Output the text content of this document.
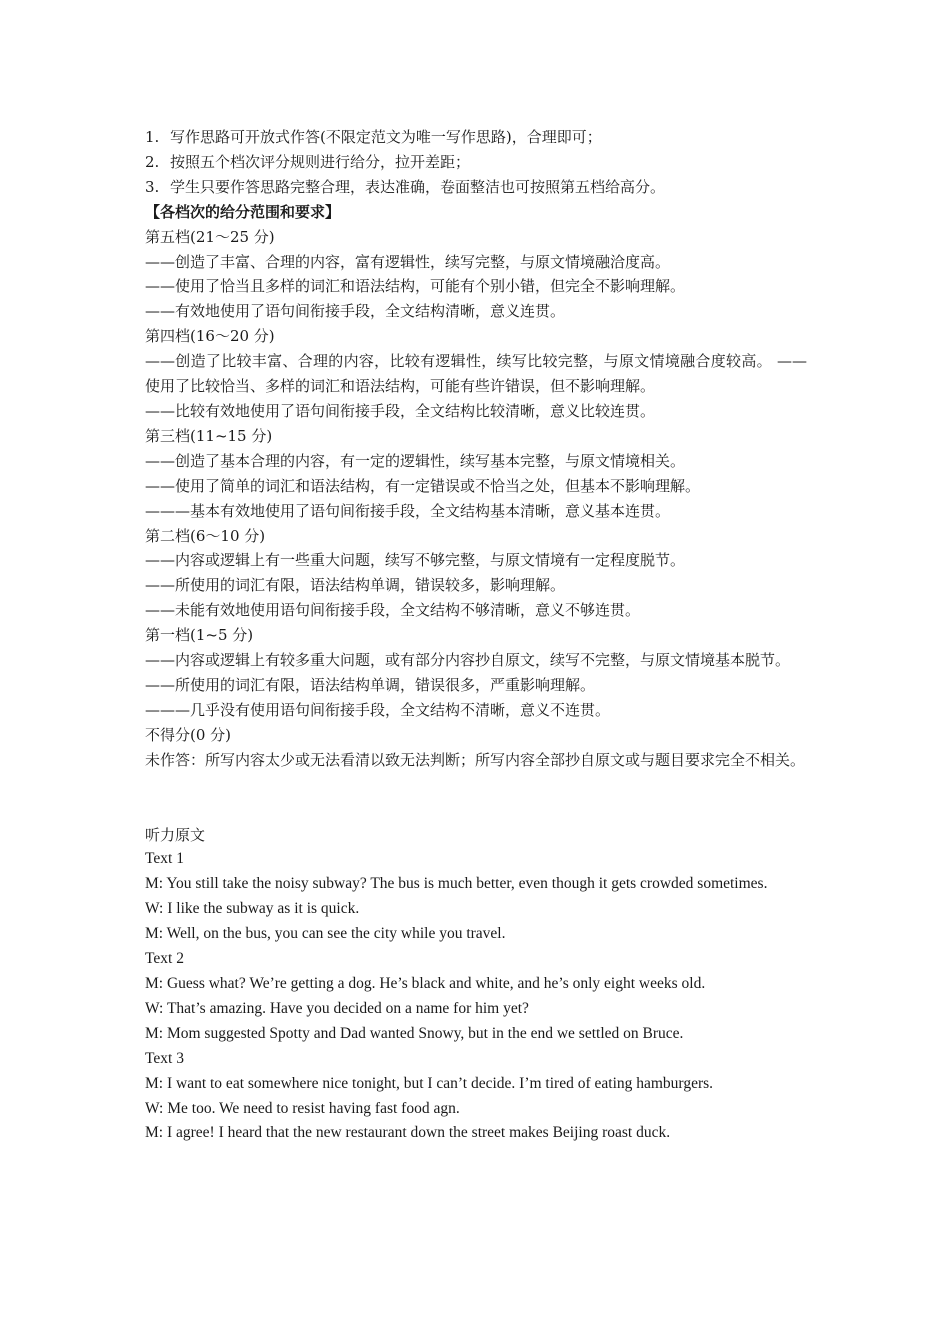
1. 写作思路可开放式作答(不限定范文为唯一写作思路)，合理即可；

2. 按照五个档次评分规则进行给分，拉开差距；

3. 学生只要作答思路完整合理，表达准确，卷面整洁也可按照第五档给高分。

【各档次的给分范围和要求】

第五档(21～25 分)

——创造了丰富、合理的内容，富有逻辑性，续写完整，与原文情境融洽度高。

——使用了恰当且多样的词汇和语法结构，可能有个别小错，但完全不影响理解。

——有效地使用了语句间衔接手段，全文结构清晰，意义连贯。

第四档(16～20 分)

——创造了比较丰富、合理的内容，比较有逻辑性，续写比较完整，与原文情境融合度较高。 ——使用了比较恰当、多样的词汇和语法结构，可能有些许错误，但不影响理解。

——比较有效地使用了语句间衔接手段，全文结构比较清晰，意义比较连贯。

第三档(11~15 分)

——创造了基本合理的内容，有一定的逻辑性，续写基本完整，与原文情境相关。

——使用了简单的词汇和语法结构，有一定错误或不恰当之处，但基本不影响理解。

———基本有效地使用了语句间衔接手段，全文结构基本清晰，意义基本连贯。

第二档(6～10 分)

——内容或逻辑上有一些重大问题，续写不够完整，与原文情境有一定程度脱节。

——所使用的词汇有限，语法结构单调，错误较多，影响理解。

——未能有效地使用语句间衔接手段，全文结构不够清晰，意义不够连贯。

第一档(1~5 分)

——内容或逻辑上有较多重大问题，或有部分内容抄自原文，续写不完整，与原文情境基本脱节。

——所使用的词汇有限，语法结构单调，错误很多，严重影响理解。

———几乎没有使用语句间衔接手段，全文结构不清晰，意义不连贯。

不得分(0 分)

未作答：所写内容太少或无法看清以致无法判断；所写内容全部抄自原文或与题目要求完全不相关。

听力原文

Text 1

M: You still take the noisy subway? The bus is much better, even though it gets crowded sometimes.

W: I like the subway as it is quick.

M: Well, on the bus, you can see the city while you travel.

Text 2

M: Guess what? We’re getting a dog. He’s black and white, and he’s only eight weeks old.

W: That’s amazing. Have you decided on a name for him yet?

M: Mom suggested Spotty and Dad wanted Snowy, but in the end we settled on Bruce.

Text 3

M: I want to eat somewhere nice tonight, but I can’t decide. I’m tired of eating hamburgers.

W: Me too. We need to resist having fast food agn.

M: I agree! I heard that the new restaurant down the street makes Beijing roast duck.
